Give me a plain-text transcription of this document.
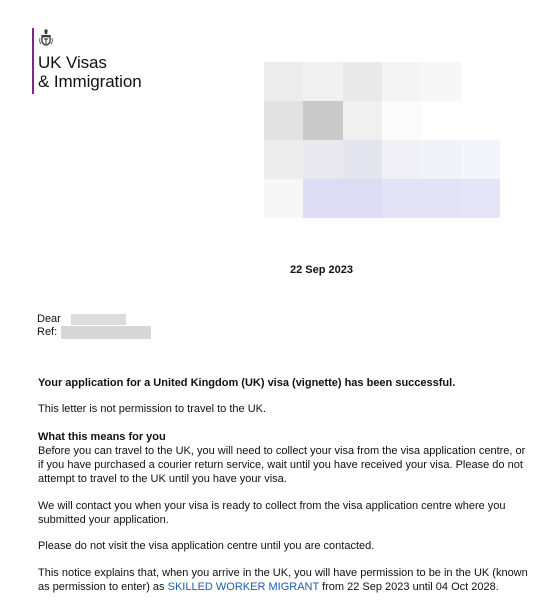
UK Visas
& Immigration
22 Sep 2023
Dear
Ref:
Your application for a United Kingdom (UK) visa (vignette) has been successful.
This letter is not permission to travel to the UK.
What this means for you
Before you can travel to the UK, you will need to collect your visa from the visa application centre, or if you have purchased a courier return service, wait until you have received your visa. Please do not attempt to travel to the UK until you have your visa.
We will contact you when your visa is ready to collect from the visa application centre where you submitted your application.
Please do not visit the visa application centre until you are contacted.
This notice explains that, when you arrive in the UK, you will have permission to be in the UK (known as permission to enter) as SKILLED WORKER MIGRANT from 22 Sep 2023 until 04 Oct 2028.
